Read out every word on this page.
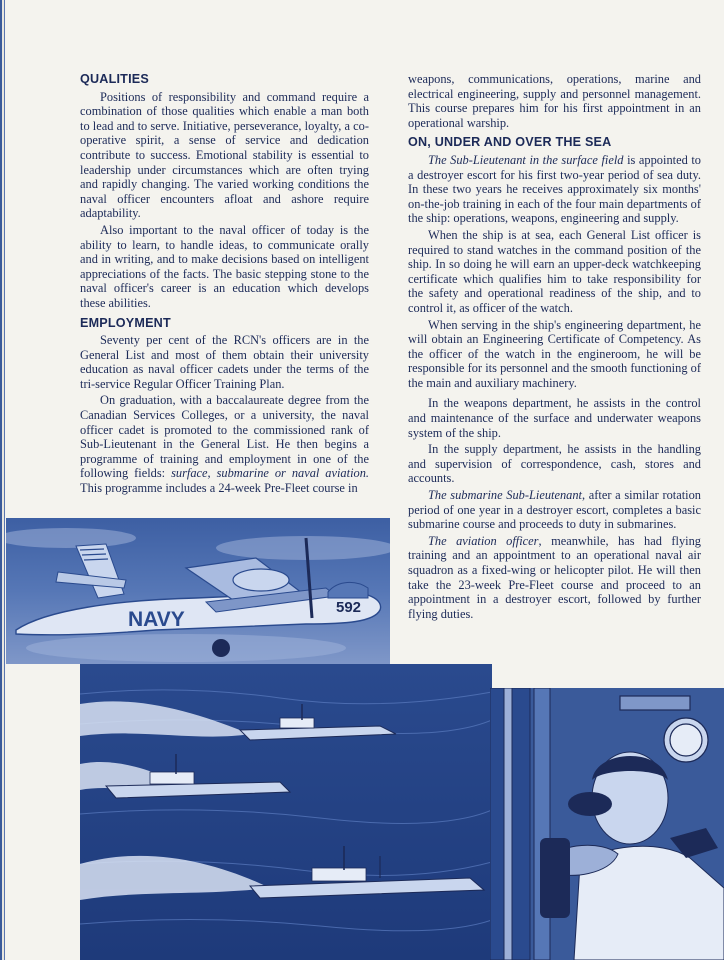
QUALITIES

Positions of responsibility and command require a combination of those qualities which enable a man both to lead and to serve. Initiative, perseverance, loyalty, a co-operative spirit, a sense of service and dedication contribute to success. Emotional stability is essential to leadership under circumstances which are often trying and rapidly changing. The varied working conditions the naval officer encounters afloat and ashore require adaptability.

Also important to the naval officer of today is the ability to learn, to handle ideas, to communicate orally and in writing, and to make decisions based on intelligent appreciations of the facts. The basic stepping stone to the naval officer's career is an education which develops these abilities.

EMPLOYMENT

Seventy per cent of the RCN's officers are in the General List and most of them obtain their university education as naval officer cadets under the terms of the tri-service Regular Officer Training Plan.

On graduation, with a baccalaureate degree from the Canadian Services Colleges, or a university, the naval officer cadet is promoted to the commissioned rank of Sub-Lieutenant in the General List. He then begins a programme of training and employment in one of the following fields: surface, submarine or naval aviation. This programme includes a 24-week Pre-Fleet course in

weapons, communications, operations, marine and electrical engineering, supply and personnel management. This course prepares him for his first appointment in an operational warship.

ON, UNDER AND OVER THE SEA

The Sub-Lieutenant in the surface field is appointed to a destroyer escort for his first two-year period of sea duty. In these two years he receives approximately six months' on-the-job training in each of the four main departments of the ship: operations, weapons, engineering and supply.

When the ship is at sea, each General List officer is required to stand watches in the command position of the ship. In so doing he will earn an upper-deck watchkeeping certificate which qualifies him to take responsibility for the safety and operational readiness of the ship, and to control it, as officer of the watch.

When serving in the ship's engineering department, he will obtain an Engineering Certificate of Competency. As the officer of the watch in the engineroom, he will be responsible for its personnel and the smooth functioning of the main and auxiliary machinery.

In the weapons department, he assists in the control and maintenance of the surface and underwater weapons system of the ship.

In the supply department, he assists in the handling and supervision of correspondence, cash, stores and accounts.

The submarine Sub-Lieutenant, after a similar rotation period of one year in a destroyer escort, completes a basic submarine course and proceeds to duty in submarines.

The aviation officer, meanwhile, has had flying training and an appointment to an operational naval air squadron as a fixed-wing or helicopter pilot. He will then take the 23-week Pre-Fleet course and proceed to an appointment in a destroyer escort, followed by further flying duties.

NAVY
592
